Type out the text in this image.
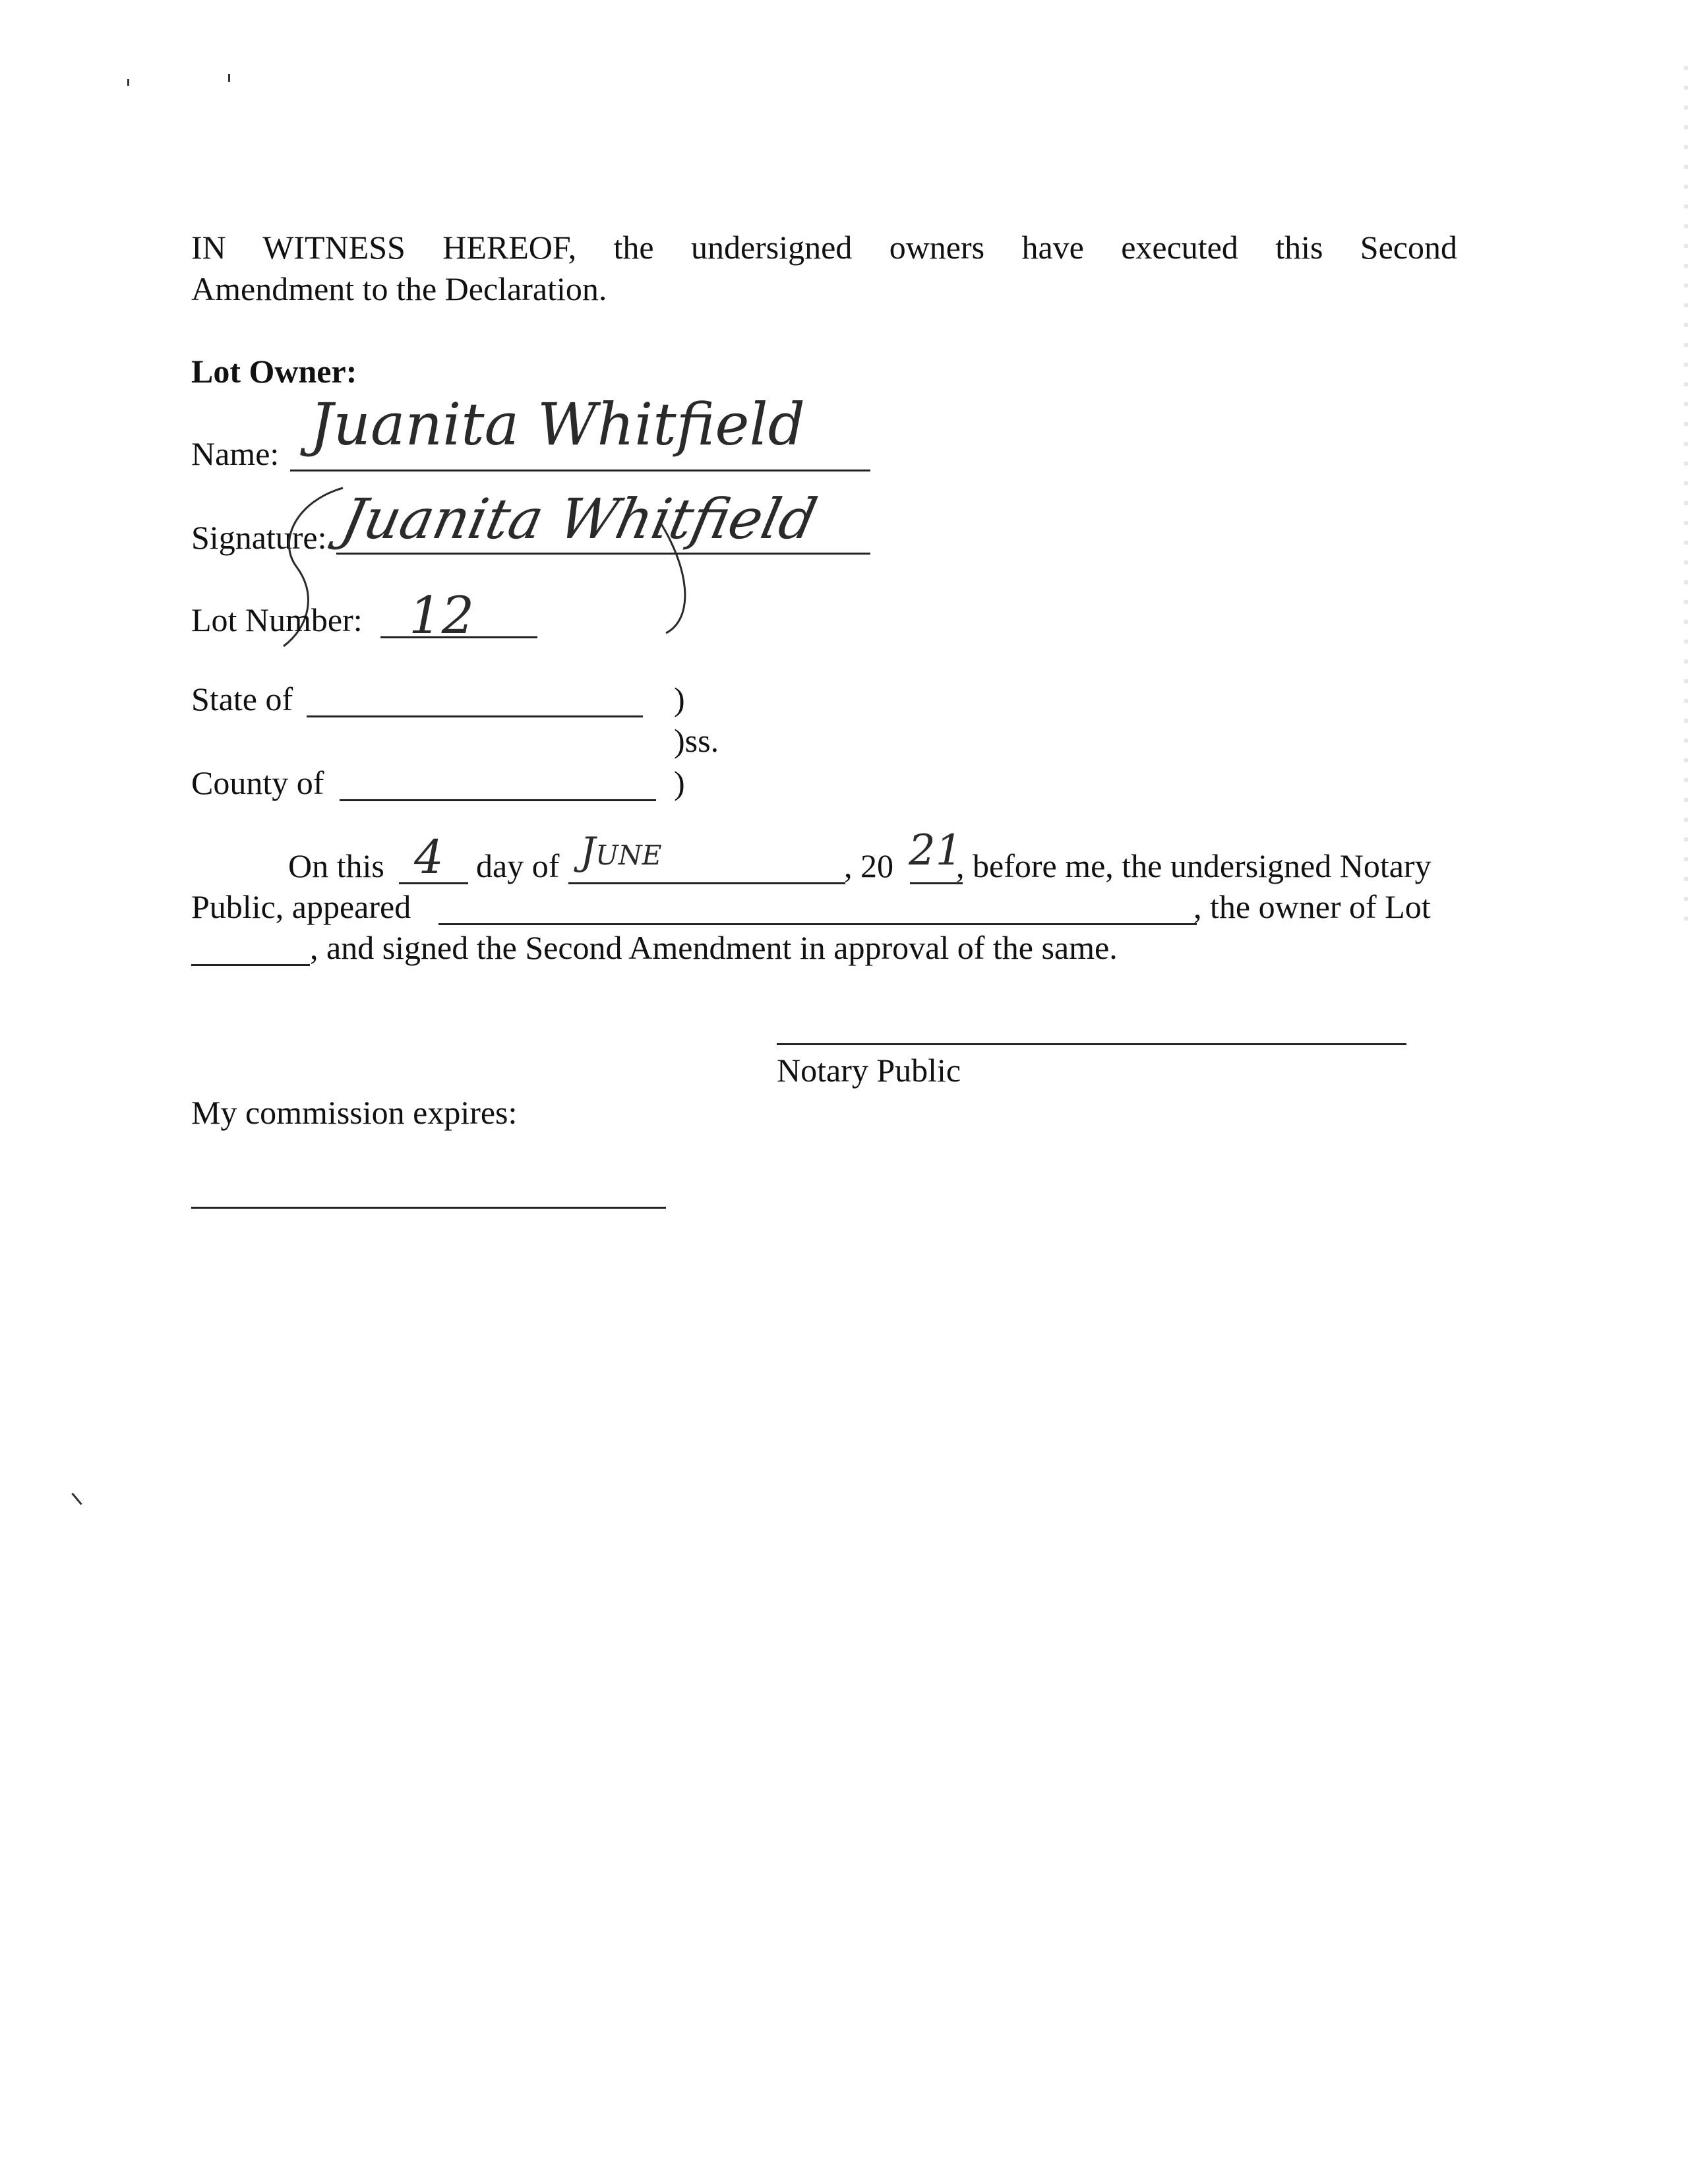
IN WITNESS HEREOF, the undersigned owners have executed this Second
Amendment to the Declaration.
Lot Owner:
Name: Juanita Whitfield
Signature: Juanita Whitfield
Lot Number: 12
State of	)
)ss.
County of	)
On this 4 day of June	, 20 21
, before me, the undersigned Notary
Public, appeared	, the owner of Lot
, and signed the Second Amendment in approval of the same.
Notary Public
My commission expires:
